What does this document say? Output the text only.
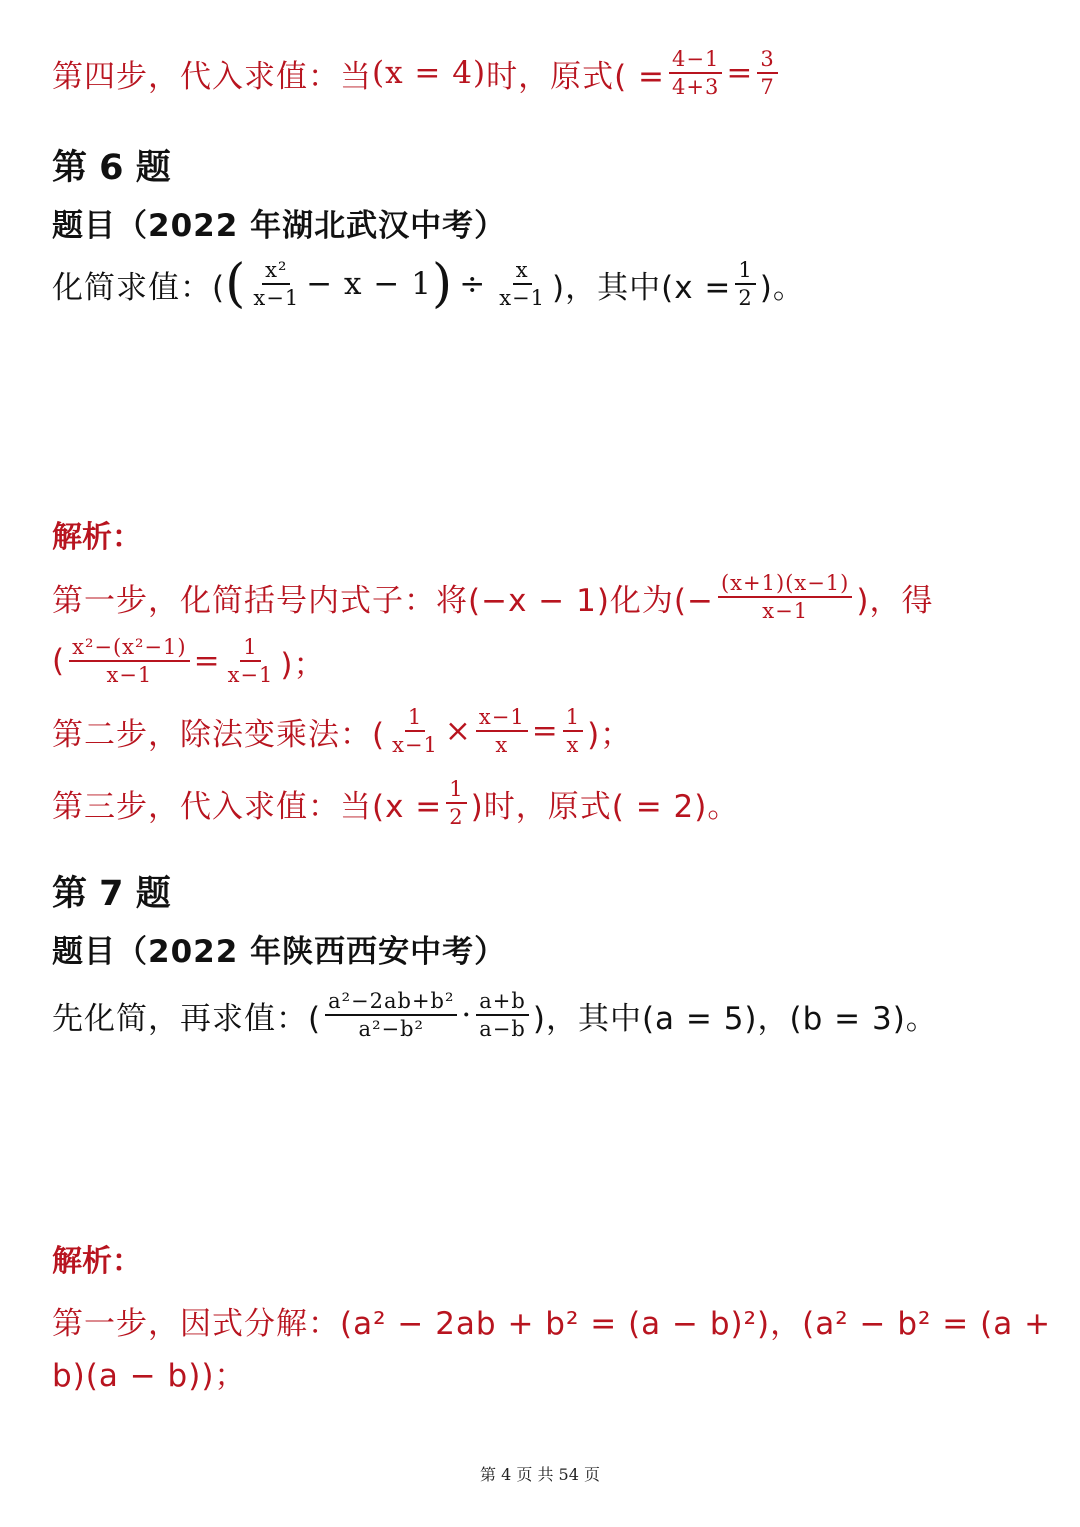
第四步，代入求值：当 (x = 4) 时，原式( = $\frac{4-1}{4+3} = \frac{3}{7}$
第 6 题
题目（2022 年湖北武汉中考）
化简求值：( ( $\frac{\text{x²}}{x-1} - x - 1$ ) ÷ $\frac{x}{x-1}$ )，其中($x = \frac{1}{2}$ )。
解析：
第一步，化简括号内式子：将(−x − 1)化为(− $\frac{(x+1)(x-1)}{x-1}$ )，得
( $\frac{\text{x²−(x²−1)}}{x-1} = \frac{1}{x-1}$ )；
第二步，除法变乘法：( $\frac{1}{x-1} \times \frac{x-1}{x} = \frac{1}{x}$ )；
第三步，代入求值：当($x = \frac{1}{2}$ )时，原式( = 2)。
第 7 题
题目（2022 年陕西西安中考）
先化简，再求值：( $\frac{\text{a²−2ab+b²}}{\text{a²−b²}} \cdot \frac{a+b}{a-b}$ )，其中(a = 5)，(b = 3)。
解析：
第一步，因式分解：(a² − 2ab + b² = (a − b)²)，(a² − b² = (a +
b)(a − b))；
第 4 页 共 54 页
